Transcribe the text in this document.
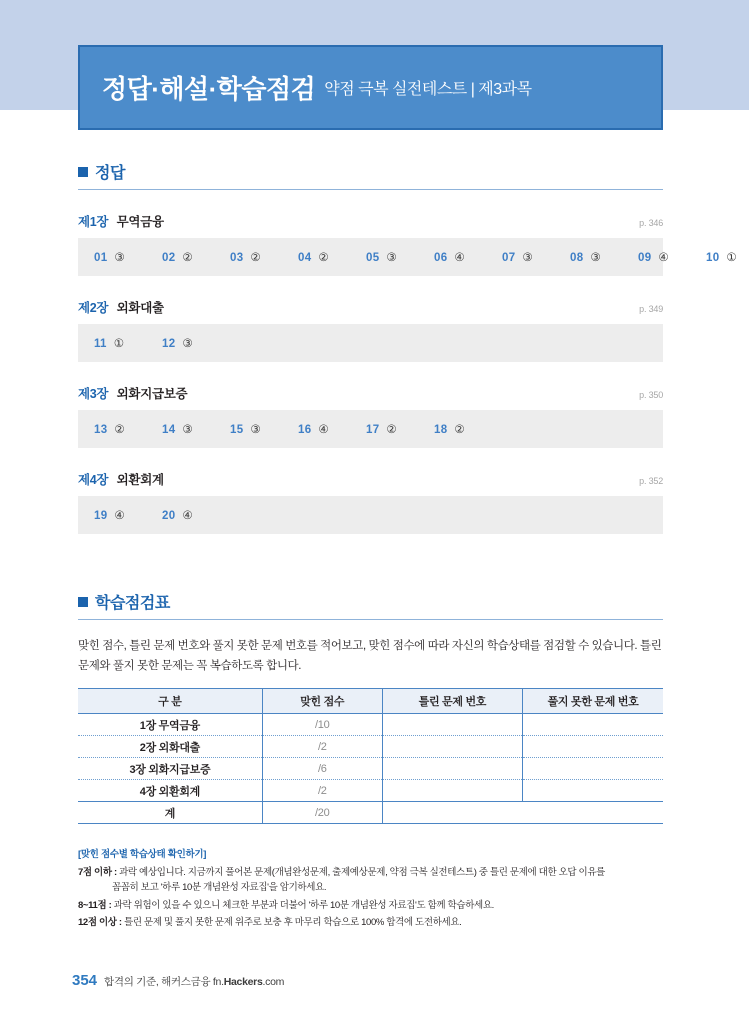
정답·해설·학습점검 약점 극복 실전테스트 | 제3과목
정답
제1장 무역금융	p. 346
01 ③	02 ②	03 ②	04 ②	05 ③	06 ④	07 ③	08 ③	09 ④	10 ①
제2장 외화대출	p. 349
11 ①	12 ③
제3장 외화지급보증	p. 350
13 ②	14 ③	15 ③	16 ④	17 ②	18 ②
제4장 외환회계	p. 352
19 ④	20 ④
학습점검표
맞힌 점수, 틀린 문제 번호와 풀지 못한 문제 번호를 적어보고, 맞힌 점수에 따라 자신의 학습상태를 점검할 수 있습니다. 틀린 문제와 풀지 못한 문제는 꼭 복습하도록 합니다.
구 분	맞힌 점수	틀린 문제 번호	풀지 못한 문제 번호
1장 무역금융	/10		
2장 외화대출	/2		
3장 외화지급보증	/6		
4장 외환회계	/2		
계	/20		
[맞힌 점수별 학습상태 확인하기]
7점 이하 : 과락 예상입니다. 지금까지 풀어본 문제(개념완성문제, 출제예상문제, 약점 극복 실전테스트) 중 틀린 문제에 대한 오답 이유를
꼼꼼히 보고 '하루 10분 개념완성 자료집'을 암기하세요.
8~11점 : 과락 위험이 있을 수 있으니 체크한 부분과 더불어 '하루 10분 개념완성 자료집'도 함께 학습하세요.
12점 이상 : 틀린 문제 및 풀지 못한 문제 위주로 보충 후 마무리 학습으로 100% 합격에 도전하세요.
354 합격의 기준, 해커스금융 fn.Hackers.com
